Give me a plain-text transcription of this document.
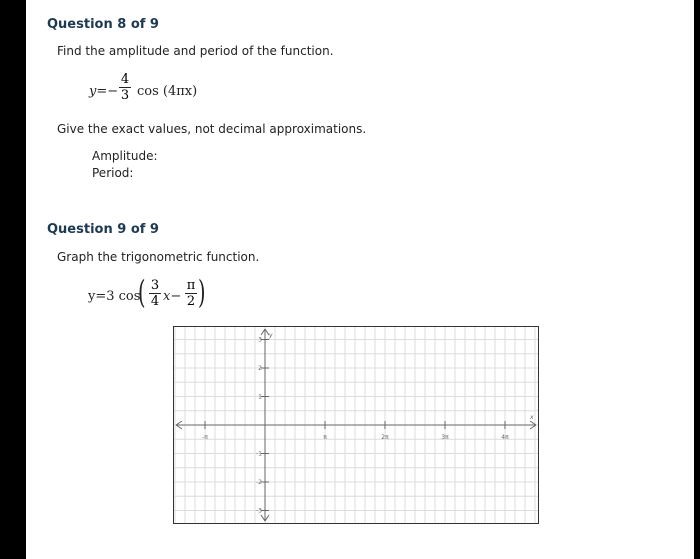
Question 8 of 9

Find the amplitude and period of the function.

y=−
4
3 cos (4πx)

Give the exact values, not decimal approximations.

Amplitude:

Period:

Question 9 of 9

Graph the trigonometric function.

y=3 cos
( 3
4 x−
π
2 )
x
y
-π	π	2π	3π	4π
3
2
1
-1
-2
-3
